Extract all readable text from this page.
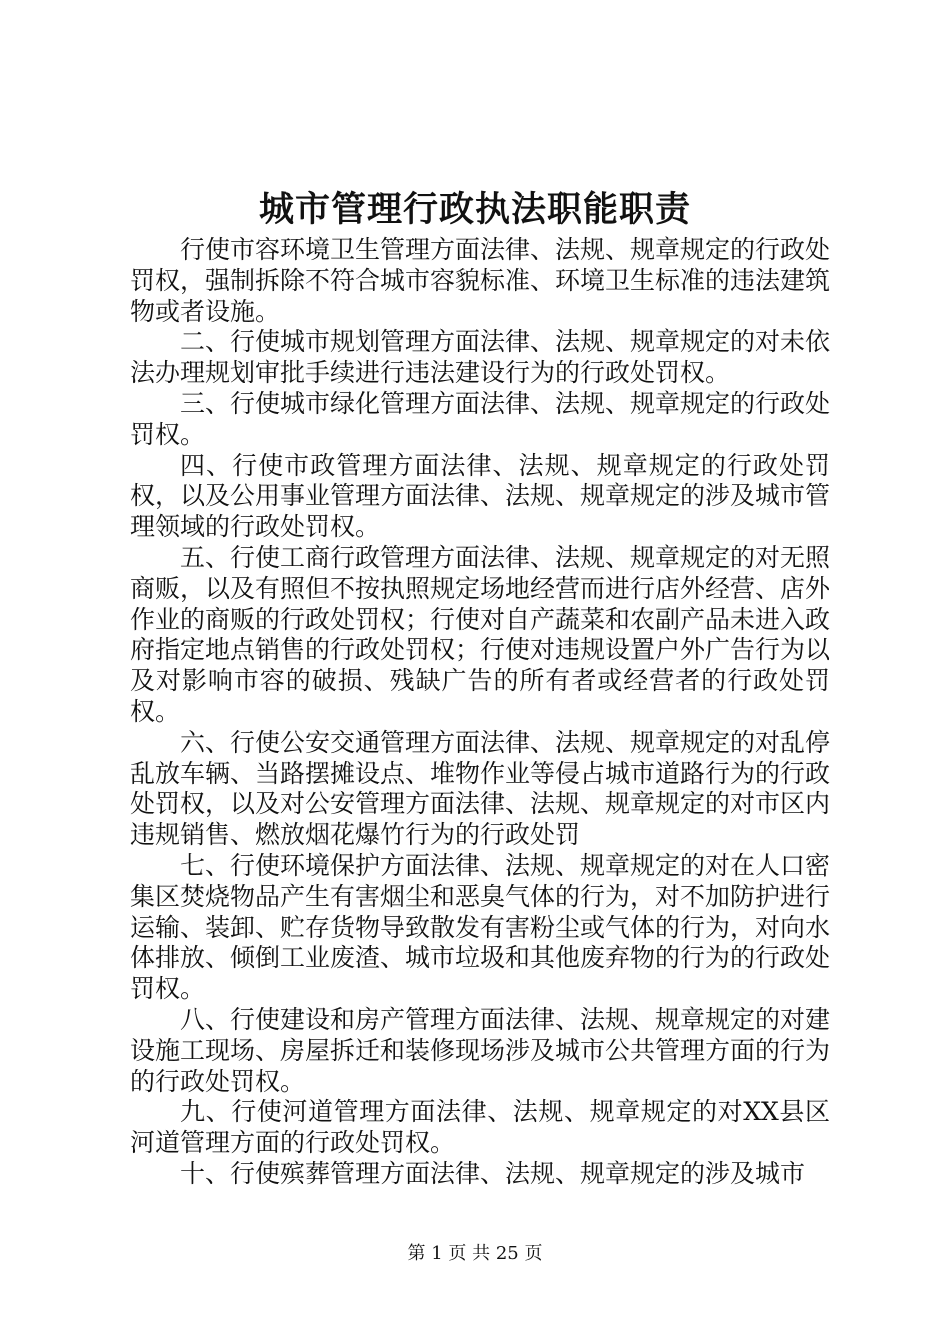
城市管理行政执法职能职责

行使市容环境卫生管理方面法律、法规、规章规定的行政处罚权，强制拆除不符合城市容貌标准、环境卫生标准的违法建筑物或者设施。

二、行使城市规划管理方面法律、法规、规章规定的对未依法办理规划审批手续进行违法建设行为的行政处罚权。

三、行使城市绿化管理方面法律、法规、规章规定的行政处罚权。

四、行使市政管理方面法律、法规、规章规定的行政处罚权，以及公用事业管理方面法律、法规、规章规定的涉及城市管理领域的行政处罚权。

五、行使工商行政管理方面法律、法规、规章规定的对无照商贩，以及有照但不按执照规定场地经营而进行店外经营、店外作业的商贩的行政处罚权；行使对自产蔬菜和农副产品未进入政府指定地点销售的行政处罚权；行使对违规设置户外广告行为以及对影响市容的破损、残缺广告的所有者或经营者的行政处罚权。

六、行使公安交通管理方面法律、法规、规章规定的对乱停乱放车辆、当路摆摊设点、堆物作业等侵占城市道路行为的行政处罚权，以及对公安管理方面法律、法规、规章规定的对市区内违规销售、燃放烟花爆竹行为的行政处罚

七、行使环境保护方面法律、法规、规章规定的对在人口密集区焚烧物品产生有害烟尘和恶臭气体的行为，对不加防护进行运输、装卸、贮存货物导致散发有害粉尘或气体的行为，对向水体排放、倾倒工业废渣、城市垃圾和其他废弃物的行为的行政处罚权。

八、行使建设和房产管理方面法律、法规、规章规定的对建设施工现场、房屋拆迁和装修现场涉及城市公共管理方面的行为的行政处罚权。

九、行使河道管理方面法律、法规、规章规定的对XX县区河道管理方面的行政处罚权。

十、行使殡葬管理方面法律、法规、规章规定的涉及城市

第 1 页 共 25 页
